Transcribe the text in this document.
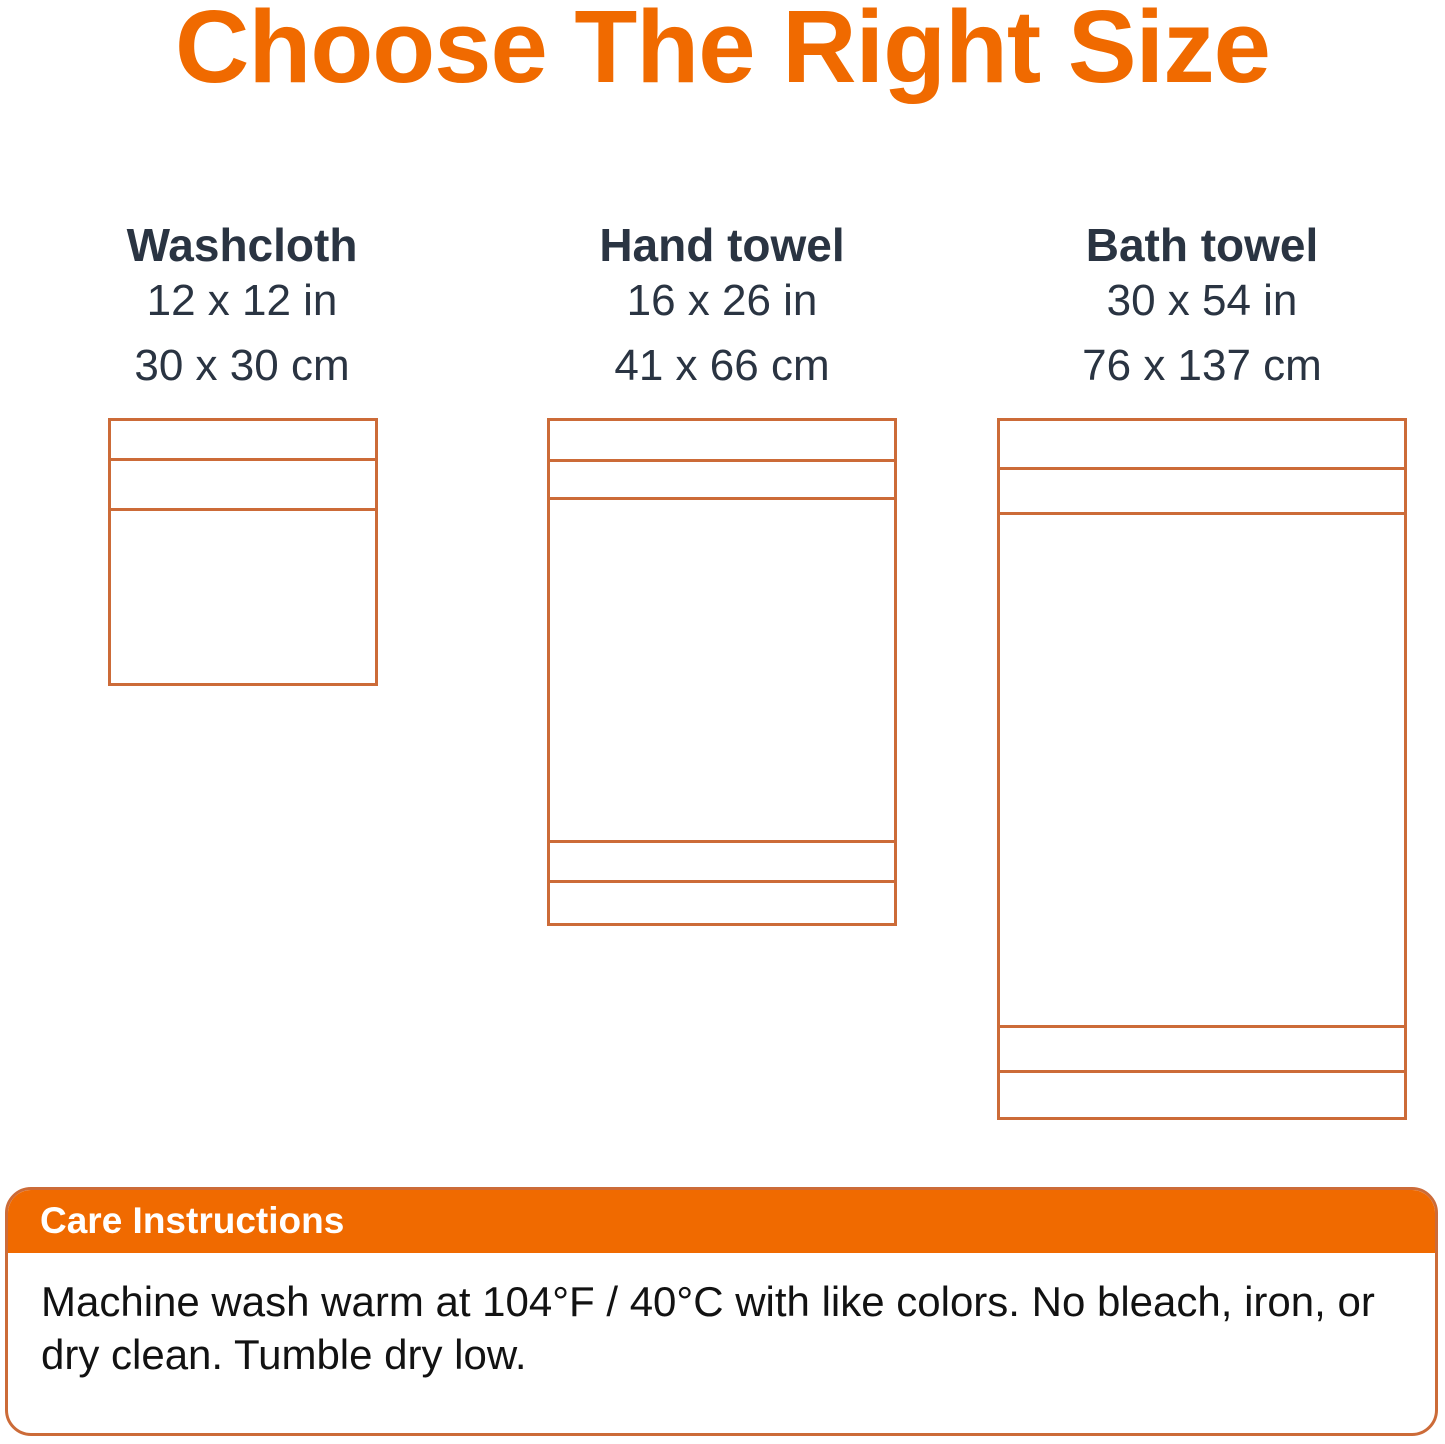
Choose The Right Size
Washcloth
12 x 12 in
30 x 30 cm
Hand towel
16 x 26 in
41 x 66 cm
Bath towel
30 x 54 in
76 x 137 cm
Care Instructions

Machine wash warm at 104°F / 40°C with like colors. No bleach, iron, or dry clean. Tumble dry low.
